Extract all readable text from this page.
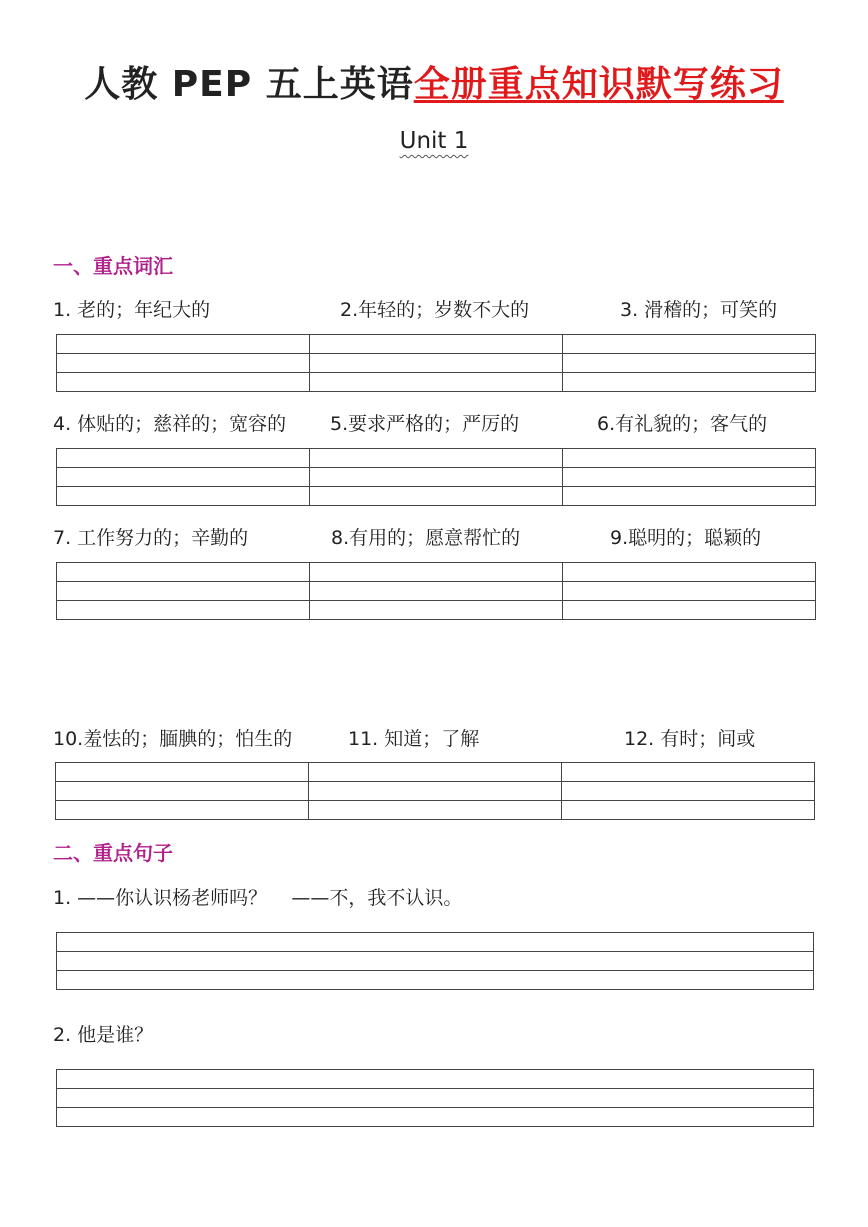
人教 PEP 五上英语全册重点知识默写练习
Unit 1
一、重点词汇
1. 老的；年纪大的	2.年轻的；岁数不大的	3. 滑稽的；可笑的

4. 体贴的；慈祥的；宽容的 5.要求严格的；严厉的	6.有礼貌的；客气的

7. 工作努力的；辛勤的	8.有用的；愿意帮忙的	9.聪明的；聪颖的

10.羞怯的；腼腆的；怕生的	11. 知道；了解	12. 有时；间或

二、重点句子
1. ——你认识杨老师吗？    ——不，我不认识。

2. 他是谁？
